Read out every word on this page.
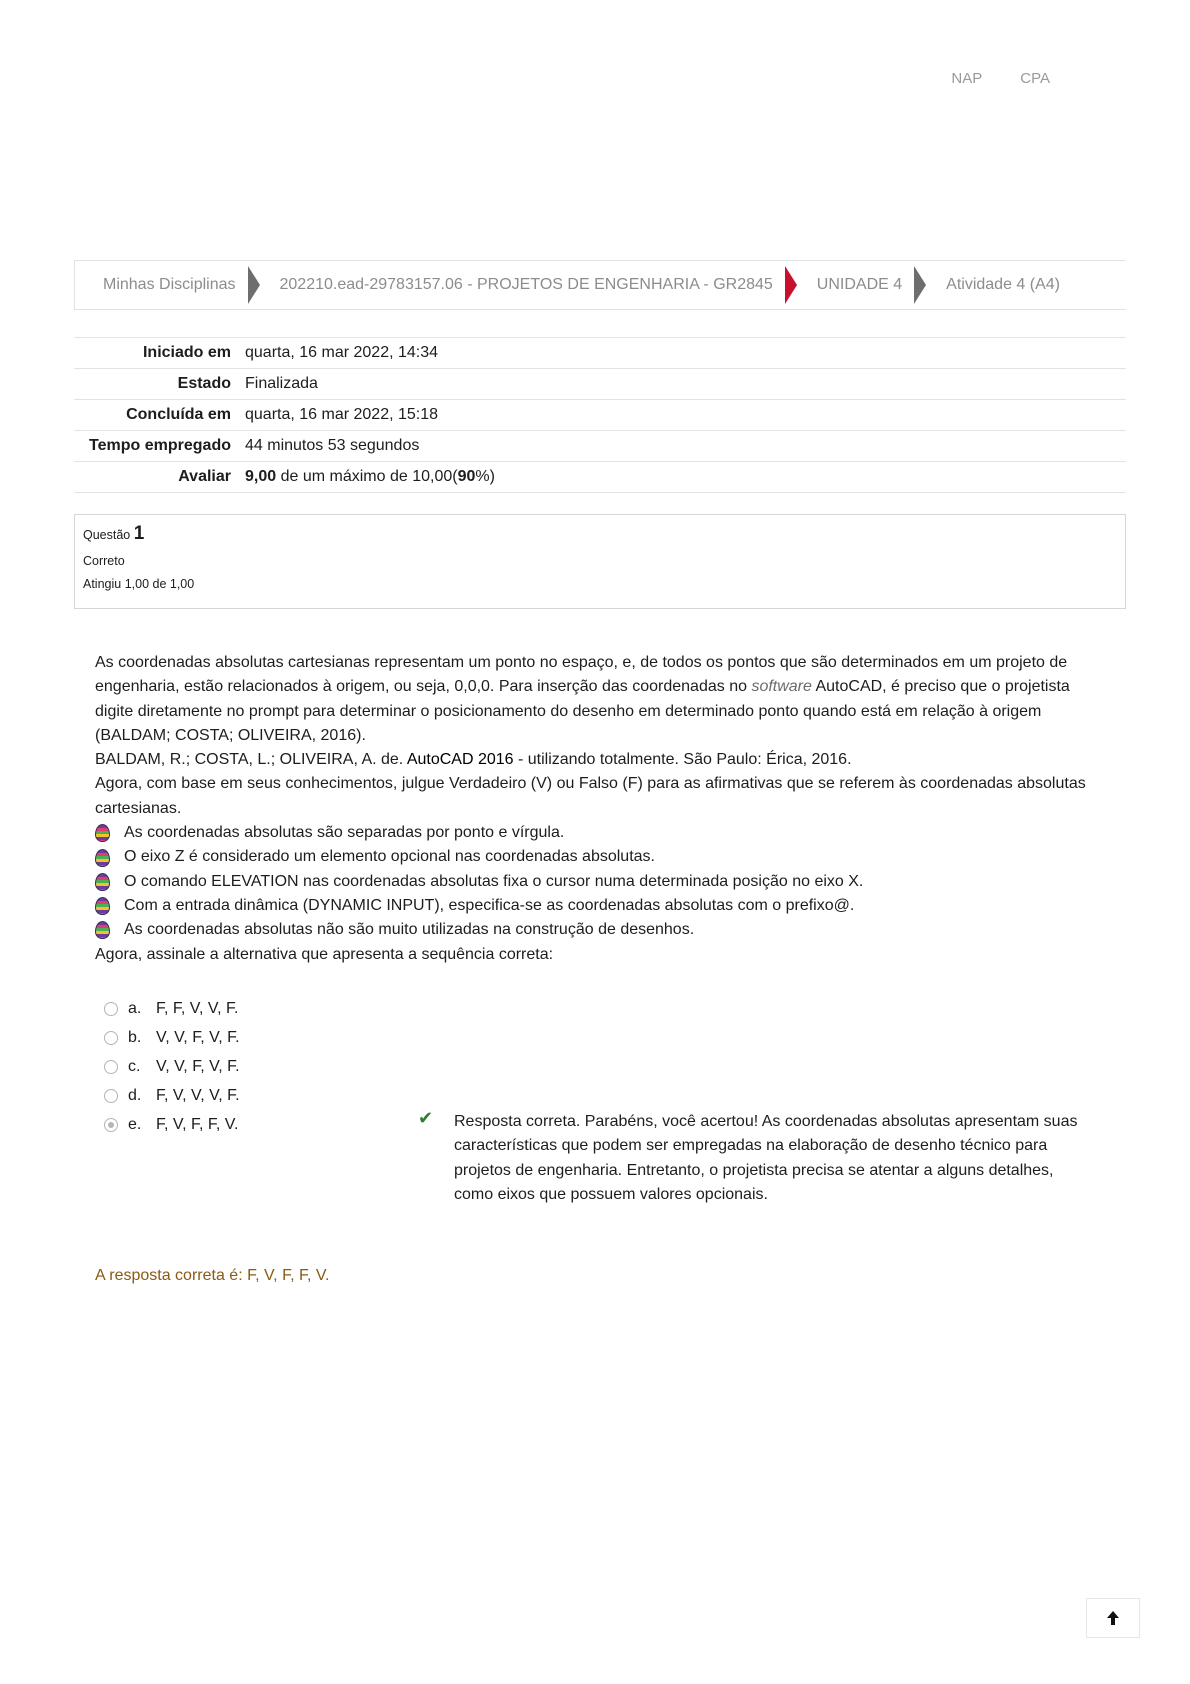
NAP	CPA
Minhas Disciplinas	202210.ead-29783157.06 - PROJETOS DE ENGENHARIA - GR2845	UNIDADE 4	Atividade 4 (A4)
Iniciado em	quarta, 16 mar 2022, 14:34
Estado	Finalizada
Concluída em	quarta, 16 mar 2022, 15:18
Tempo empregado	44 minutos 53 segundos
Avaliar	9,00 de um máximo de 10,00(90%)
Questão 1
Correto
Atingiu 1,00 de 1,00

As coordenadas absolutas cartesianas representam um ponto no espaço, e, de todos os pontos que são determinados em um projeto de engenharia, estão relacionados à origem, ou seja, 0,0,0. Para inserção das coordenadas no software AutoCAD, é preciso que o projetista digite diretamente no prompt para determinar o posicionamento do desenho em determinado ponto quando está em relação à origem (BALDAM; COSTA; OLIVEIRA, 2016).

BALDAM, R.; COSTA, L.; OLIVEIRA, A. de. AutoCAD 2016 - utilizando totalmente. São Paulo: Érica, 2016.

Agora, com base em seus conhecimentos, julgue Verdadeiro (V) ou Falso (F) para as afirmativas que se referem às coordenadas absolutas cartesianas.

As coordenadas absolutas são separadas por ponto e vírgula.
O eixo Z é considerado um elemento opcional nas coordenadas absolutas.
O comando ELEVATION nas coordenadas absolutas fixa o cursor numa determinada posição no eixo X.
Com a entrada dinâmica (DYNAMIC INPUT), especifica-se as coordenadas absolutas com o prefixo@.
As coordenadas absolutas não são muito utilizadas na construção de desenhos.

Agora, assinale a alternativa que apresenta a sequência correta:

a. F, F, V, V, F.
b. V, V, F, V, F.
c. V, V, F, V, F.
d. F, V, V, V, F.
e. F, V, F, F, V.	✔	Resposta correta. Parabéns, você acertou! As coordenadas absolutas apresentam suas características que podem ser empregadas na elaboração de desenho técnico para projetos de engenharia. Entretanto, o projetista precisa se atentar a alguns detalhes, como eixos que possuem valores opcionais.
A resposta correta é: F, V, F, F, V.
